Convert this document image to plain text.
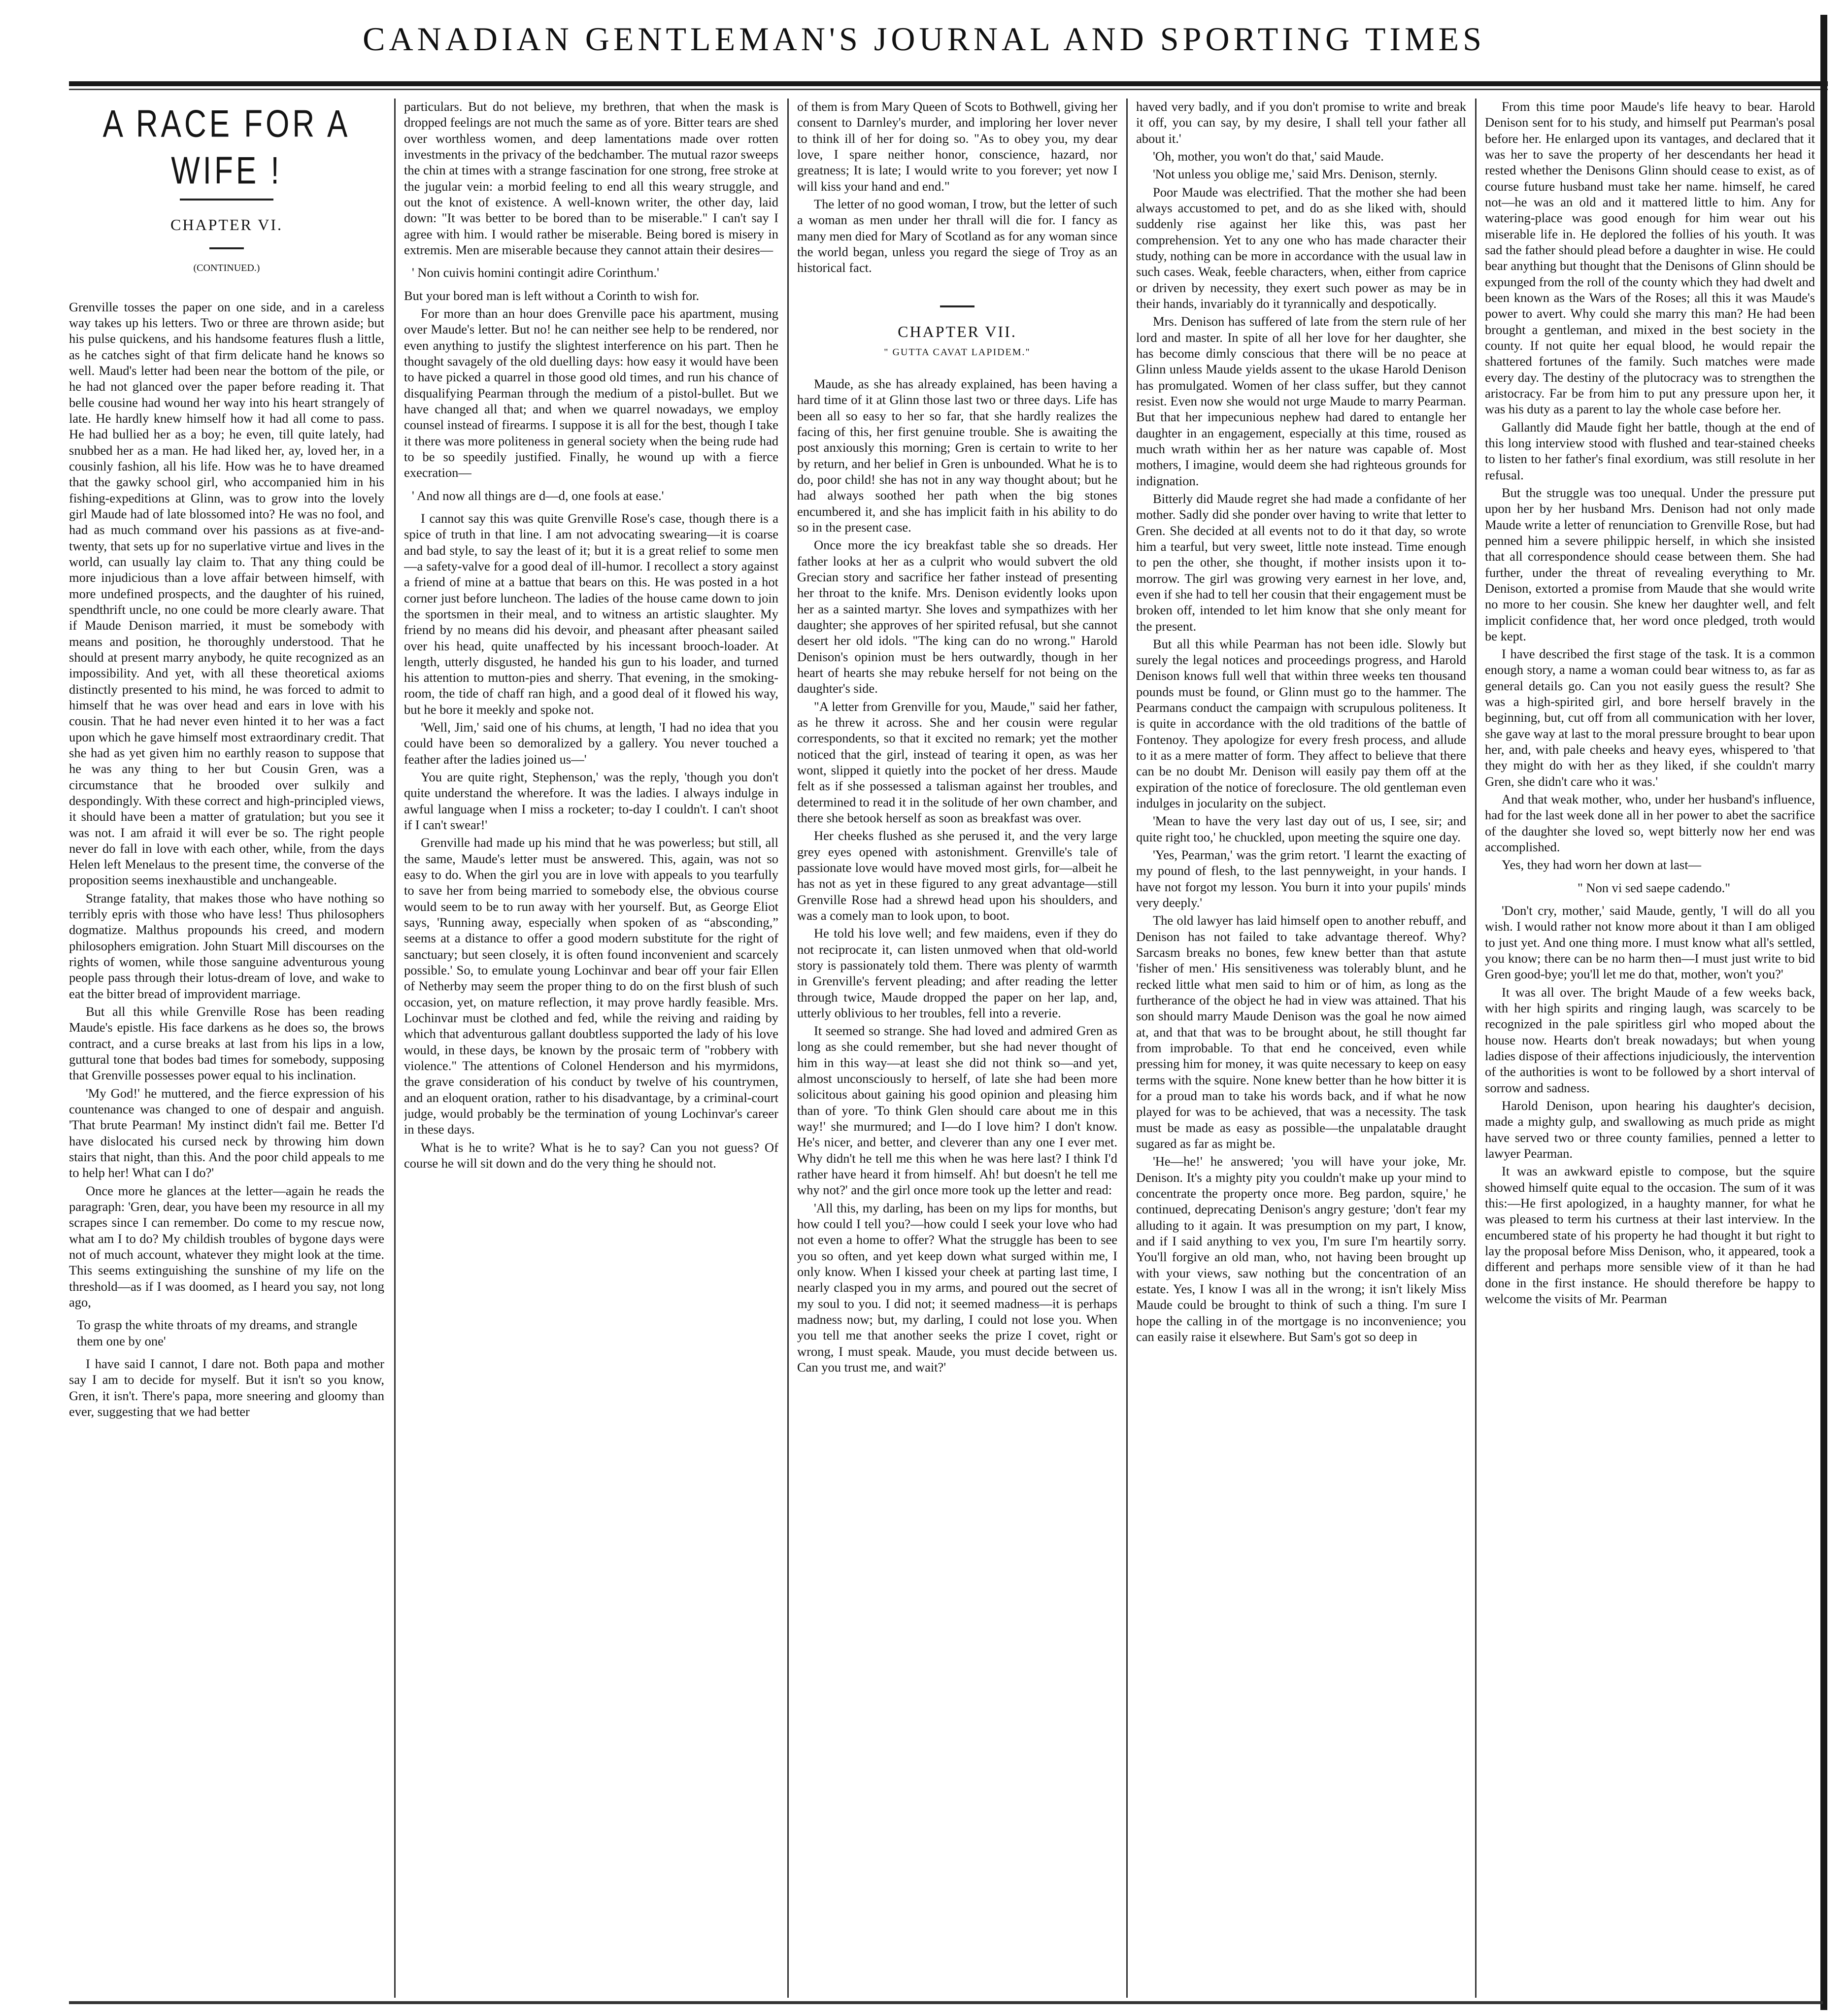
CANADIAN GENTLEMAN'S JOURNAL AND SPORTING TIMES
A RACE FOR A WIFE !
CHAPTER VI.
(CONTINUED.)

Grenville tosses the paper on one side, and in a careless way takes up his letters. Two or three are thrown aside; but his pulse quickens, and his handsome features flush a little, as he catches sight of that firm delicate hand he knows so well. Maud's letter had been near the bottom of the pile, or he had not glanced over the paper before reading it. That belle cousine had wound her way into his heart strangely of late. He hardly knew himself how it had all come to pass. He had bullied her as a boy; he even, till quite lately, had snubbed her as a man. He had liked her, ay, loved her, in a cousinly fashion, all his life. How was he to have dreamed that the gawky school girl, who accompanied him in his fishing-expeditions at Glinn, was to grow into the lovely girl Maude had of late blossomed into? He was no fool, and had as much command over his passions as at five-and-twenty, that sets up for no superlative virtue and lives in the world, can usually lay claim to. That any thing could be more injudicious than a love affair between himself, with more undefined prospects, and the daughter of his ruined, spendthrift uncle, no one could be more clearly aware. That if Maude Denison married, it must be somebody with means and position, he thoroughly understood. That he should at present marry anybody, he quite recognized as an impossibility. And yet, with all these theoretical axioms distinctly presented to his mind, he was forced to admit to himself that he was over head and ears in love with his cousin. That he had never even hinted it to her was a fact upon which he gave himself most extraordinary credit. That she had as yet given him no earthly reason to suppose that he was any thing to her but Cousin Gren, was a circumstance that he brooded over sulkily and despondingly. With these correct and high-principled views, it should have been a matter of gratulation; but you see it was not. I am afraid it will ever be so. The right people never do fall in love with each other, while, from the days Helen left Menelaus to the present time, the converse of the proposition seems inexhaustible and unchangeable.

Strange fatality, that makes those who have nothing so terribly epris with those who have less! Thus philosophers dogmatize. Malthus propounds his creed, and modern philosophers emigration. John Stuart Mill discourses on the rights of women, while those sanguine adventurous young people pass through their lotus-dream of love, and wake to eat the bitter bread of improvident marriage.

But all this while Grenville Rose has been reading Maude's epistle. His face darkens as he does so, the brows contract, and a curse breaks at last from his lips in a low, guttural tone that bodes bad times for somebody, supposing that Grenville possesses power equal to his inclination.

'My God!' he muttered, and the fierce expression of his countenance was changed to one of despair and anguish. 'That brute Pearman! My instinct didn't fail me. Better I'd have dislocated his cursed neck by throwing him down stairs that night, than this. And the poor child appeals to me to help her! What can I do?'

Once more he glances at the letter—again he reads the paragraph: 'Gren, dear, you have been my resource in all my scrapes since I can remember. Do come to my rescue now, what am I to do? My childish troubles of bygone days were not of much account, whatever they might look at the time. This seems extinguishing the sunshine of my life on the threshold—as if I was doomed, as I heard you say, not long ago,

To grasp the white throats of my dreams, and strangle them one by one'

I have said I cannot, I dare not. Both papa and mother say I am to decide for myself. But it isn't so you know, Gren, it isn't. There's papa, more sneering and gloomy than ever, suggesting that we had better

particulars. But do not believe, my brethren, that when the mask is dropped feelings are not much the same as of yore. Bitter tears are shed over worthless women, and deep lamentations made over rotten investments in the privacy of the bedchamber. The mutual razor sweeps the chin at times with a strange fascination for one strong, free stroke at the jugular vein: a morbid feeling to end all this weary struggle, and out the knot of existence. A well-known writer, the other day, laid down: "It was better to be bored than to be miserable." I can't say I agree with him. I would rather be miserable. Being bored is misery in extremis. Men are miserable because they cannot attain their desires—

' Non cuivis homini contingit adire Corinthum.'

But your bored man is left without a Corinth to wish for.

For more than an hour does Grenville pace his apartment, musing over Maude's letter. But no! he can neither see help to be rendered, nor even anything to justify the slightest interference on his part. Then he thought savagely of the old duelling days: how easy it would have been to have picked a quarrel in those good old times, and run his chance of disqualifying Pearman through the medium of a pistol-bullet. But we have changed all that; and when we quarrel nowadays, we employ counsel instead of firearms. I suppose it is all for the best, though I take it there was more politeness in general society when the being rude had to be so speedily justified. Finally, he wound up with a fierce execration—

' And now all things are d—d, one fools at ease.'

I cannot say this was quite Grenville Rose's case, though there is a spice of truth in that line. I am not advocating swearing—it is coarse and bad style, to say the least of it; but it is a great relief to some men—a safety-valve for a good deal of ill-humor. I recollect a story against a friend of mine at a battue that bears on this. He was posted in a hot corner just before luncheon. The ladies of the house came down to join the sportsmen in their meal, and to witness an artistic slaughter. My friend by no means did his devoir, and pheasant after pheasant sailed over his head, quite unaffected by his incessant brooch-loader. At length, utterly disgusted, he handed his gun to his loader, and turned his attention to mutton-pies and sherry. That evening, in the smoking-room, the tide of chaff ran high, and a good deal of it flowed his way, but he bore it meekly and spoke not.

'Well, Jim,' said one of his chums, at length, 'I had no idea that you could have been so demoralized by a gallery. You never touched a feather after the ladies joined us—'

You are quite right, Stephenson,' was the reply, 'though you don't quite understand the wherefore. It was the ladies. I always indulge in awful language when I miss a rocketer; to-day I couldn't. I can't shoot if I can't swear!'

Grenville had made up his mind that he was powerless; but still, all the same, Maude's letter must be answered. This, again, was not so easy to do. When the girl you are in love with appeals to you tearfully to save her from being married to somebody else, the obvious course would seem to be to run away with her yourself. But, as George Eliot says, 'Running away, especially when spoken of as “absconding,” seems at a distance to offer a good modern substitute for the right of sanctuary; but seen closely, it is often found inconvenient and scarcely possible.' So, to emulate young Lochinvar and bear off your fair Ellen of Netherby may seem the proper thing to do on the first blush of such occasion, yet, on mature reflection, it may prove hardly feasible. Mrs. Lochinvar must be clothed and fed, while the reiving and raiding by which that adventurous gallant doubtless supported the lady of his love would, in these days, be known by the prosaic term of "robbery with violence." The attentions of Colonel Henderson and his myrmidons, the grave consideration of his conduct by twelve of his countrymen, and an eloquent oration, rather to his disadvantage, by a criminal-court judge, would probably be the termination of young Lochinvar's career in these days.

What is he to write? What is he to say? Can you not guess? Of course he will sit down and do the very thing he should not.

of them is from Mary Queen of Scots to Bothwell, giving her consent to Darnley's murder, and imploring her lover never to think ill of her for doing so. "As to obey you, my dear love, I spare neither honor, conscience, hazard, nor greatness; It is late; I would write to you forever; yet now I will kiss your hand and end."

The letter of no good woman, I trow, but the letter of such a woman as men under her thrall will die for. I fancy as many men died for Mary of Scotland as for any woman since the world began, unless you regard the siege of Troy as an historical fact.

CHAPTER VII.
" GUTTA CAVAT LAPIDEM."

Maude, as she has already explained, has been having a hard time of it at Glinn those last two or three days. Life has been all so easy to her so far, that she hardly realizes the facing of this, her first genuine trouble. She is awaiting the post anxiously this morning; Gren is certain to write to her by return, and her belief in Gren is unbounded. What he is to do, poor child! she has not in any way thought about; but he had always soothed her path when the big stones encumbered it, and she has implicit faith in his ability to do so in the present case.

Once more the icy breakfast table she so dreads. Her father looks at her as a culprit who would subvert the old Grecian story and sacrifice her father instead of presenting her throat to the knife. Mrs. Denison evidently looks upon her as a sainted martyr. She loves and sympathizes with her daughter; she approves of her spirited refusal, but she cannot desert her old idols. "The king can do no wrong." Harold Denison's opinion must be hers outwardly, though in her heart of hearts she may rebuke herself for not being on the daughter's side.

"A letter from Grenville for you, Maude," said her father, as he threw it across. She and her cousin were regular correspondents, so that it excited no remark; yet the mother noticed that the girl, instead of tearing it open, as was her wont, slipped it quietly into the pocket of her dress. Maude felt as if she possessed a talisman against her troubles, and determined to read it in the solitude of her own chamber, and there she betook herself as soon as breakfast was over.

Her cheeks flushed as she perused it, and the very large grey eyes opened with astonishment. Grenville's tale of passionate love would have moved most girls, for—albeit he has not as yet in these figured to any great advantage—still Grenville Rose had a shrewd head upon his shoulders, and was a comely man to look upon, to boot.

He told his love well; and few maidens, even if they do not reciprocate it, can listen unmoved when that old-world story is passionately told them. There was plenty of warmth in Grenville's fervent pleading; and after reading the letter through twice, Maude dropped the paper on her lap, and, utterly oblivious to her troubles, fell into a reverie.

It seemed so strange. She had loved and admired Gren as long as she could remember, but she had never thought of him in this way—at least she did not think so—and yet, almost unconsciously to herself, of late she had been more solicitous about gaining his good opinion and pleasing him than of yore. 'To think Glen should care about me in this way!' she murmured; and I—do I love him? I don't know. He's nicer, and better, and cleverer than any one I ever met. Why didn't he tell me this when he was here last? I think I'd rather have heard it from himself. Ah! but doesn't he tell me why not?' and the girl once more took up the letter and read:

'All this, my darling, has been on my lips for months, but how could I tell you?—how could I seek your love who had not even a home to offer? What the struggle has been to see you so often, and yet keep down what surged within me, I only know. When I kissed your cheek at parting last time, I nearly clasped you in my arms, and poured out the secret of my soul to you. I did not; it seemed madness—it is perhaps madness now; but, my darling, I could not lose you. When you tell me that another seeks the prize I covet, right or wrong, I must speak. Maude, you must decide between us. Can you trust me, and wait?'

haved very badly, and if you don't promise to write and break it off, you can say, by my desire, I shall tell your father all about it.'

'Oh, mother, you won't do that,' said Maude.

'Not unless you oblige me,' said Mrs. Denison, sternly.

Poor Maude was electrified. That the mother she had been always accustomed to pet, and do as she liked with, should suddenly rise against her like this, was past her comprehension. Yet to any one who has made character their study, nothing can be more in accordance with the usual law in such cases. Weak, feeble characters, when, either from caprice or driven by necessity, they exert such power as may be in their hands, invariably do it tyrannically and despotically.

Mrs. Denison has suffered of late from the stern rule of her lord and master. In spite of all her love for her daughter, she has become dimly conscious that there will be no peace at Glinn unless Maude yields assent to the ukase Harold Denison has promulgated. Women of her class suffer, but they cannot resist. Even now she would not urge Maude to marry Pearman. But that her impecunious nephew had dared to entangle her daughter in an engagement, especially at this time, roused as much wrath within her as her nature was capable of. Most mothers, I imagine, would deem she had righteous grounds for indignation.

Bitterly did Maude regret she had made a confidante of her mother. Sadly did she ponder over having to write that letter to Gren. She decided at all events not to do it that day, so wrote him a tearful, but very sweet, little note instead. Time enough to pen the other, she thought, if mother insists upon it to-morrow. The girl was growing very earnest in her love, and, even if she had to tell her cousin that their engagement must be broken off, intended to let him know that she only meant for the present.

But all this while Pearman has not been idle. Slowly but surely the legal notices and proceedings progress, and Harold Denison knows full well that within three weeks ten thousand pounds must be found, or Glinn must go to the hammer. The Pearmans conduct the campaign with scrupulous politeness. It is quite in accordance with the old traditions of the battle of Fontenoy. They apologize for every fresh process, and allude to it as a mere matter of form. They affect to believe that there can be no doubt Mr. Denison will easily pay them off at the expiration of the notice of foreclosure. The old gentleman even indulges in jocularity on the subject.

'Mean to have the very last day out of us, I see, sir; and quite right too,' he chuckled, upon meeting the squire one day.

'Yes, Pearman,' was the grim retort. 'I learnt the exacting of my pound of flesh, to the last pennyweight, in your hands. I have not forgot my lesson. You burn it into your pupils' minds very deeply.'

The old lawyer has laid himself open to another rebuff, and Denison has not failed to take advantage thereof. Why? Sarcasm breaks no bones, few knew better than that astute 'fisher of men.' His sensitiveness was tolerably blunt, and he recked little what men said to him or of him, as long as the furtherance of the object he had in view was attained. That his son should marry Maude Denison was the goal he now aimed at, and that that was to be brought about, he still thought far from improbable. To that end he conceived, even while pressing him for money, it was quite necessary to keep on easy terms with the squire. None knew better than he how bitter it is for a proud man to take his words back, and if what he now played for was to be achieved, that was a necessity. The task must be made as easy as possible—the unpalatable draught sugared as far as might be.

'He—he!' he answered; 'you will have your joke, Mr. Denison. It's a mighty pity you couldn't make up your mind to concentrate the property once more. Beg pardon, squire,' he continued, deprecating Denison's angry gesture; 'don't fear my alluding to it again. It was presumption on my part, I know, and if I said anything to vex you, I'm sure I'm heartily sorry. You'll forgive an old man, who, not having been brought up with your views, saw nothing but the concentration of an estate. Yes, I know I was all in the wrong; it isn't likely Miss Maude could be brought to think of such a thing. I'm sure I hope the calling in of the mortgage is no inconvenience; you can easily raise it elsewhere. But Sam's got so deep in

From this time poor Maude's life heavy to bear. Harold Denison sent for to his study, and himself put Pearman's posal before her. He enlarged upon its vantages, and declared that it was her to save the property of her descendants her head it rested whether the Denisons Glinn should cease to exist, as of course future husband must take her name. himself, he cared not—he was an old and it mattered little to him. Any for watering-place was good enough for him wear out his miserable life in. He deplored the follies of his youth. It was sad the father should plead before a daughter in wise. He could bear anything but thought that the Denisons of Glinn should be expunged from the roll of the county which they had dwelt and been known as the Wars of the Roses; all this it was Maude's power to avert. Why could she marry this man? He had been brought a gentleman, and mixed in the best society in the county. If not quite her equal blood, he would repair the shattered fortunes of the family. Such matches were made every day. The destiny of the plutocracy was to strengthen the aristocracy. Far be from him to put any pressure upon her, it was his duty as a parent to lay the whole case before her.

Gallantly did Maude fight her battle, though at the end of this long interview stood with flushed and tear-stained cheeks to listen to her father's final exordium, was still resolute in her refusal.

But the struggle was too unequal. Under the pressure put upon her by her husband Mrs. Denison had not only made Maude write a letter of renunciation to Grenville Rose, but had penned him a severe philippic herself, in which she insisted that all correspondence should cease between them. She had further, under the threat of revealing everything to Mr. Denison, extorted a promise from Maude that she would write no more to her cousin. She knew her daughter well, and felt implicit confidence that, her word once pledged, troth would be kept.

I have described the first stage of the task. It is a common enough story, a name a woman could bear witness to, as far as general details go. Can you not easily guess the result? She was a high-spirited girl, and bore herself bravely in the beginning, but, cut off from all communication with her lover, she gave way at last to the moral pressure brought to bear upon her, and, with pale cheeks and heavy eyes, whispered to 'that they might do with her as they liked, if she couldn't marry Gren, she didn't care who it was.'

And that weak mother, who, under her husband's influence, had for the last week done all in her power to abet the sacrifice of the daughter she loved so, wept bitterly now her end was accomplished.

Yes, they had worn her down at last—

" Non vi sed saepe cadendo."

'Don't cry, mother,' said Maude, gently, 'I will do all you wish. I would rather not know more about it than I am obliged to just yet. And one thing more. I must know what all's settled, you know; there can be no harm then—I must just write to bid Gren good-bye; you'll let me do that, mother, won't you?'

It was all over. The bright Maude of a few weeks back, with her high spirits and ringing laugh, was scarcely to be recognized in the pale spiritless girl who moped about the house now. Hearts don't break nowadays; but when young ladies dispose of their affections injudiciously, the intervention of the authorities is wont to be followed by a short interval of sorrow and sadness.

Harold Denison, upon hearing his daughter's decision, made a mighty gulp, and swallowing as much pride as might have served two or three county families, penned a letter to lawyer Pearman.

It was an awkward epistle to compose, but the squire showed himself quite equal to the occasion. The sum of it was this:—He first apologized, in a haughty manner, for what he was pleased to term his curtness at their last interview. In the encumbered state of his property he had thought it but right to lay the proposal before Miss Denison, who, it appeared, took a different and perhaps more sensible view of it than he had done in the first instance. He should therefore be happy to welcome the visits of Mr. Pearman
